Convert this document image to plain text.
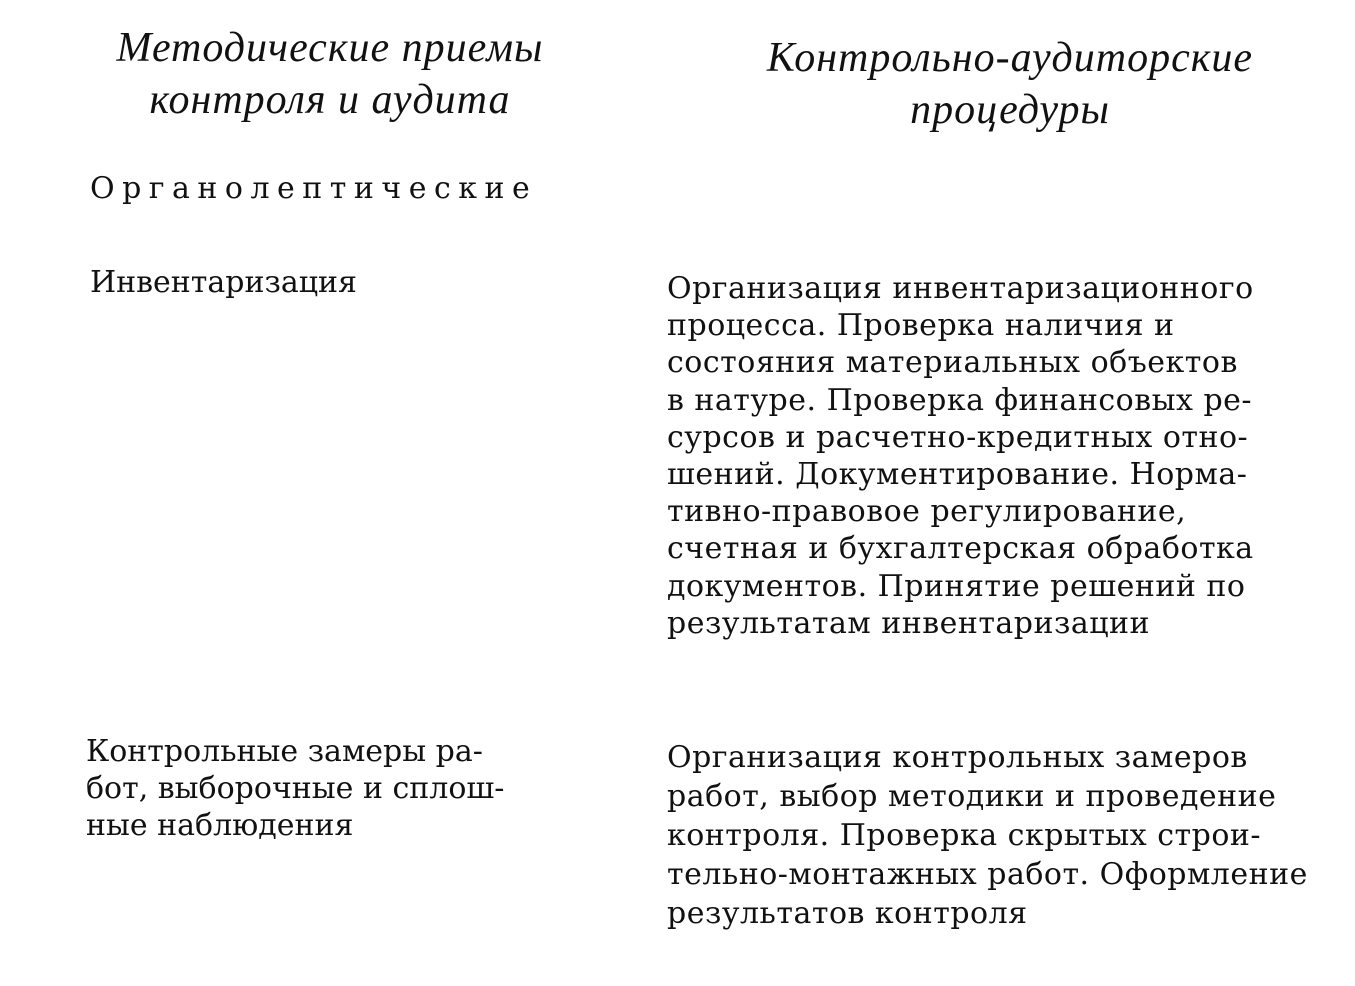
Методические приемы
контроля и аудита
Контрольно-аудиторские
процедуры
Органолептические
Инвентаризация	Организация инвентаризационного
процесса. Проверка наличия и
состояния материальных объектов
в натуре. Проверка финансовых ре-
сурсов и расчетно-кредитных отно-
шений. Документирование. Норма-
тивно-правовое регулирование,
счетная и бухгалтерская обработка
документов. Принятие решений по
результатам инвентаризации
Контрольные замеры ра-
бот, выборочные и сплош-
ные наблюдения
Организация контрольных замеров
работ, выбор методики и проведение
контроля. Проверка скрытых строи-
тельно-монтажных работ. Оформление
результатов контроля
